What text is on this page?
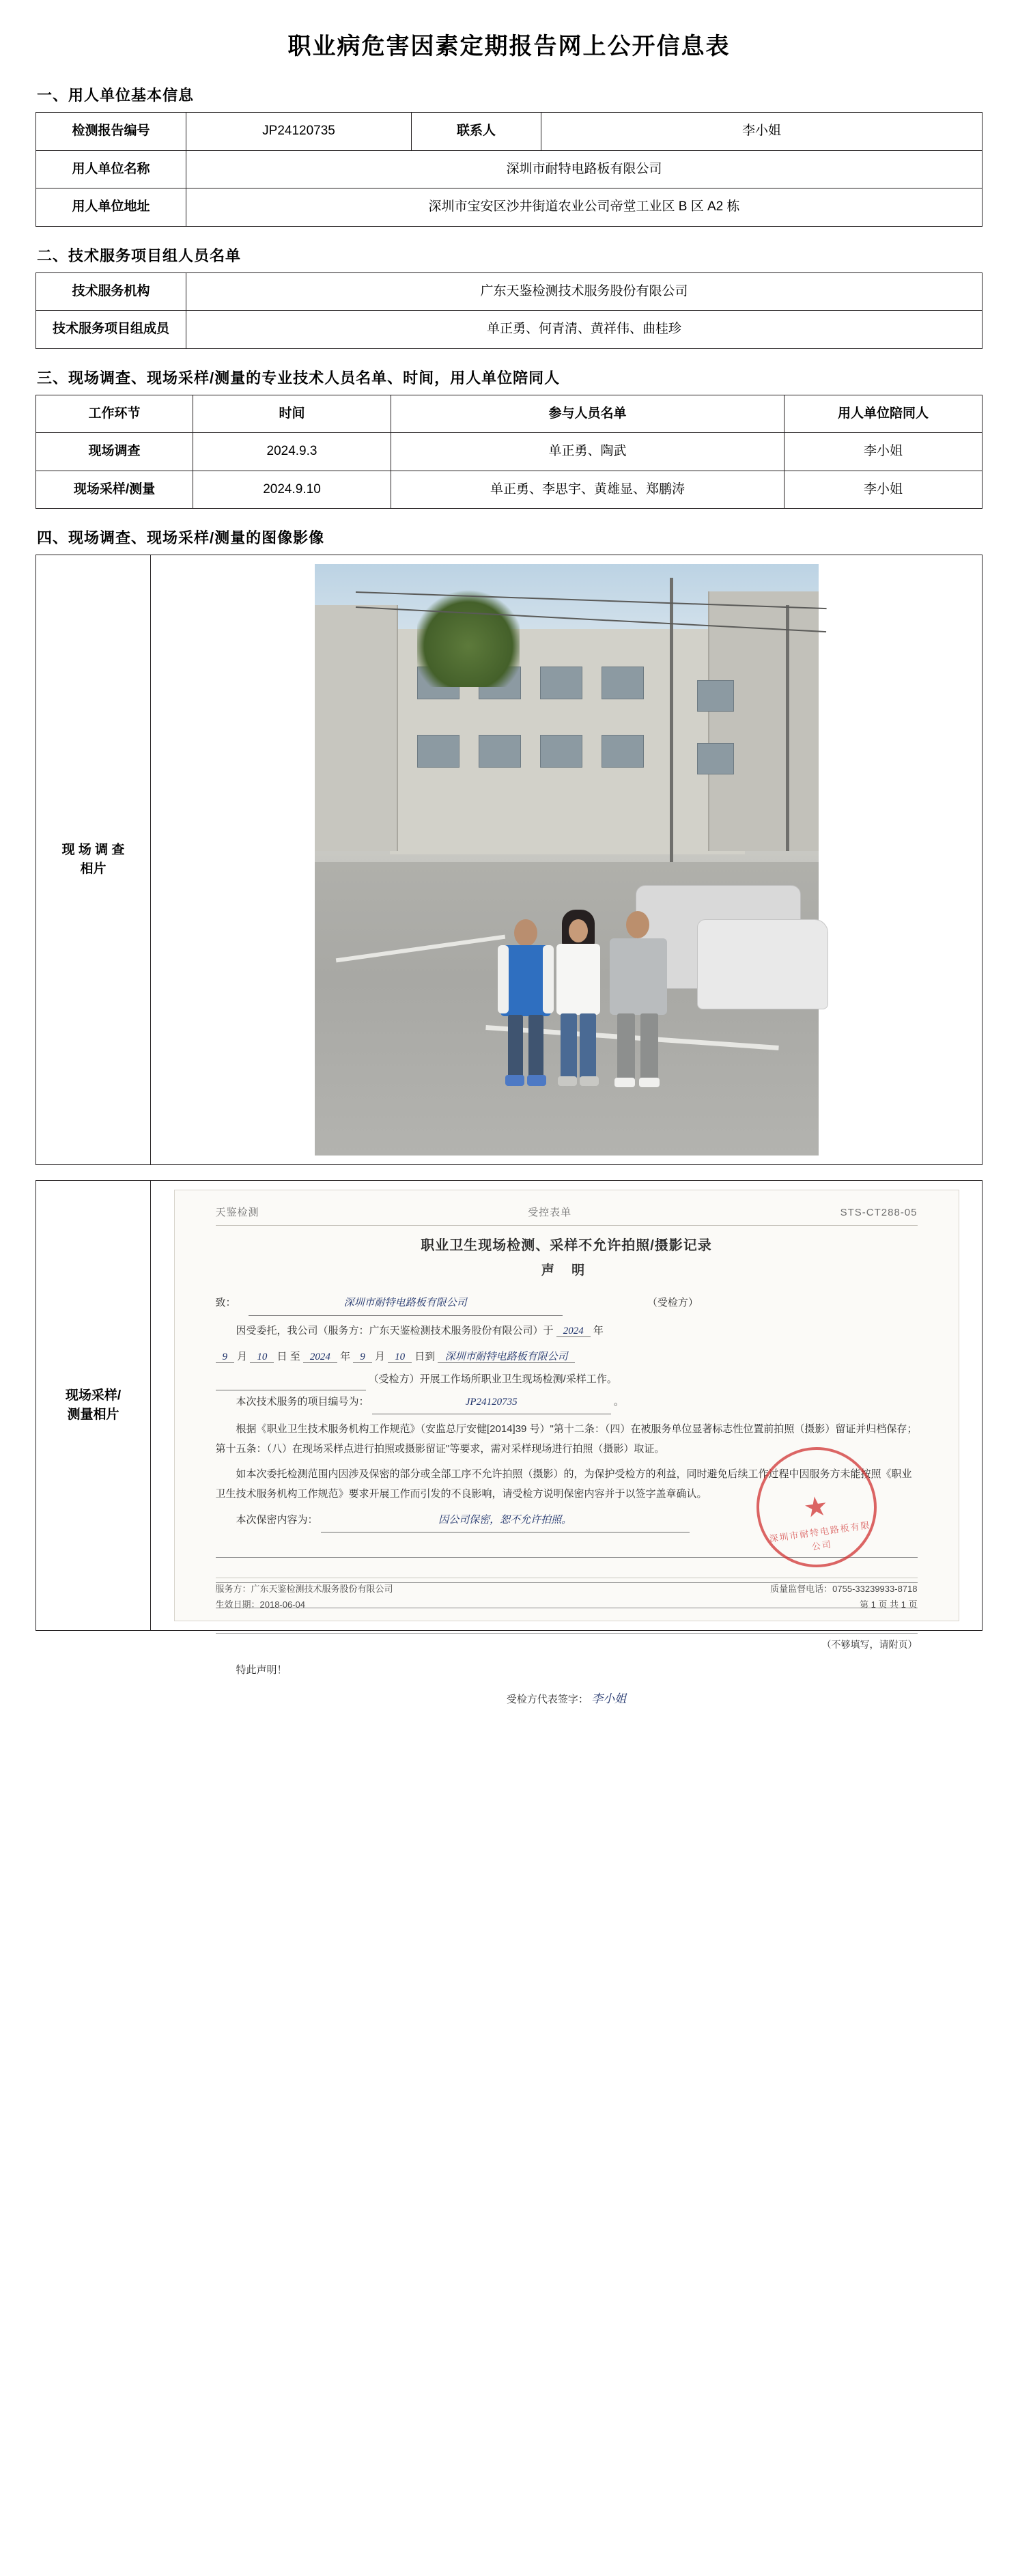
职业病危害因素定期报告网上公开信息表
一、用人单位基本信息
检测报告编号	JP24120735	联系人	李小姐
用人单位名称	深圳市耐特电路板有限公司		
用人单位地址	深圳市宝安区沙井街道农业公司帝堂工业区 B 区 A2 栋		
二、技术服务项目组人员名单
技术服务机构	广东天鉴检测技术服务股份有限公司
技术服务项目组成员	单正勇、何青清、黄祥伟、曲桂珍
三、现场调查、现场采样/测量的专业技术人员名单、时间，用人单位陪同人
工作环节	时间	参与人员名单	用人单位陪同人
现场调查	2024.9.3	单正勇、陶武	李小姐
现场采样/测量	2024.9.10	单正勇、李思宇、黄雄显、郑鹏涛	李小姐
四、现场调查、现场采样/测量的图像影像
现 场 调 查
相片

现场采样/
测量相片

天鉴检测	受控表单	STS-CT288-05
职业卫生现场检测、采样不允许拍照/摄影记录
声 明
致：	深圳市耐特电路板有限公司	（受检方）
因受委托，我公司（服务方：广东天鉴检测技术服务股份有限公司）于 2024 年
9 月 10 日 至 2024 年 9 月 10 日到 深圳市耐特电路板有限公司
（受检方）开展工作场所职业卫生现场检测/采样工作。
本次技术服务的项目编号为：	JP24120735	。
根据《职业卫生技术服务机构工作规范》（安监总厅安健[2014]39 号）"第十二条：（四）在被服务单位显著标志性位置前拍照（摄影）留证并归档保存；第十五条：（八）在现场采样点进行拍照或摄影留证"等要求，需对采样现场进行拍照（摄影）取证。
如本次委托检测范围内因涉及保密的部分或全部工序不允许拍照（摄影）的，为保护受检方的利益，同时避免后续工作过程中因服务方未能按照《职业卫生技术服务机构工作规范》要求开展工作而引发的不良影响，请受检方说明保密内容并于以签字盖章确认。
本次保密内容为：	因公司保密，恕不允许拍照。
（不够填写，请附页）
特此声明！
受检方代表签字： 李小姐
★
深圳市耐特电路板有限公司
服务方：广东天鉴检测技术服务股份有限公司	质量监督电话：0755-33239933-8718
生效日期：2018-06-04	第 1 页 共 1 页
